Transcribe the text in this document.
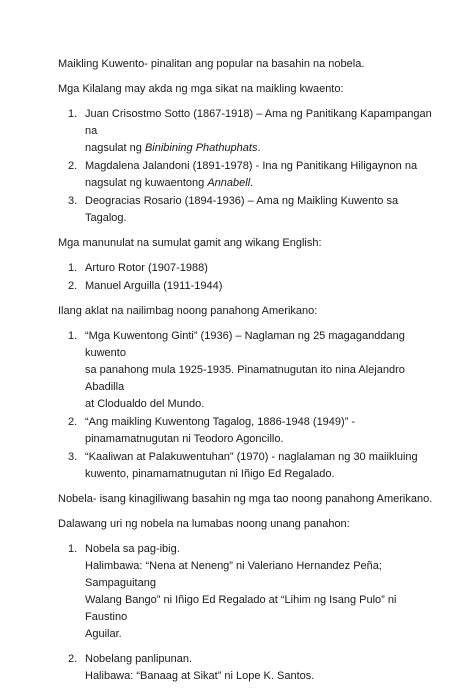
Maikling Kuwento- pinalitan ang popular na basahin na nobela.

Mga Kilalang may akda ng mga sikat na maikling kwaento:

1. Juan Crisostmo Sotto (1867-1918) – Ama ng Panitikang Kapampangan na
nagsulat ng Binibining Phathuphats.
2. Magdalena Jalandoni (1891-1978) - Ina ng Panitikang Hiligaynon na
nagsulat ng kuwaentong Annabell.
3. Deogracias Rosario (1894-1936) – Ama ng Maikling Kuwento sa Tagalog.

Mga manunulat na sumulat gamit ang wikang English:

1. Arturo Rotor (1907-1988)
2. Manuel Arguilla (1911-1944)

Ilang aklat na nailimbag noong panahong Amerikano:

1. “Mga Kuwentong Ginti” (1936) – Naglaman ng 25 magaganddang kuwento
sa panahong mula 1925-1935. Pinamatnugutan ito nina Alejandro Abadilla
at Clodualdo del Mundo.
2. “Ang maikling Kuwentong Tagalog, 1886-1948 (1949)” -
pinamamatnugutan ni Teodoro Agoncillo.
3. “Kaaliwan at Palakuwentuhan” (1970) - naglalaman ng 30 maiikluing
kuwento, pinamamatnugutan ni Iñigo Ed Regalado.

Nobela- isang kinagiliwang basahin ng mga tao noong panahong Amerikano.

Dalawang uri ng nobela na lumabas noong unang panahon:

1. Nobela sa pag-ibig.
Halimbawa: “Nena at Neneng” ni Valeriano Hernandez Peña; Sampaguitang
Walang Bango” ni Iñigo Ed Regalado at “Lihim ng Isang Pulo” ni Faustino
Aguilar.
2. Nobelang panlipunan.
Halibawa: “Banaag at Sikat” ni Lope K. Santos.
